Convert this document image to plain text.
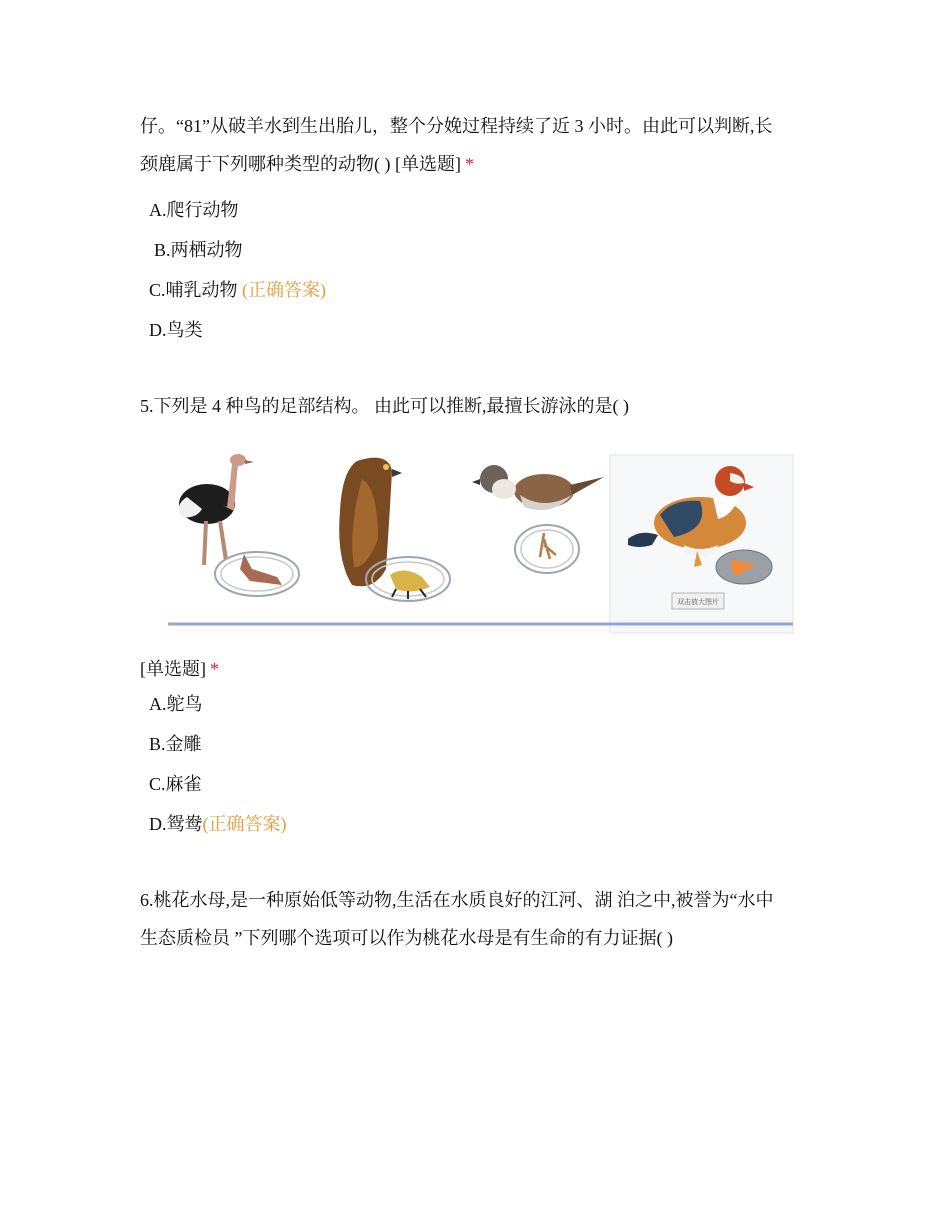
仔。“81”从破羊水到生出胎儿，整个分娩过程持续了近 3 小时。由此可以判断,长
颈鹿属于下列哪种类型的动物( ) [单选题] *
A.爬行动物
B.两栖动物
C.哺乳动物 (正确答案)
D.鸟类
5.下列是 4 种鸟的足部结构。 由此可以推断,最擅长游泳的是( )
双击放大图片
[单选题] *
A.鸵鸟
B.金雕
C.麻雀
D.鸳鸯(正确答案)
6.桃花水母,是一种原始低等动物,生活在水质良好的江河、湖 泊之中,被誉为“水中
生态质检员 ”下列哪个选项可以作为桃花水母是有生命的有力证据( )
